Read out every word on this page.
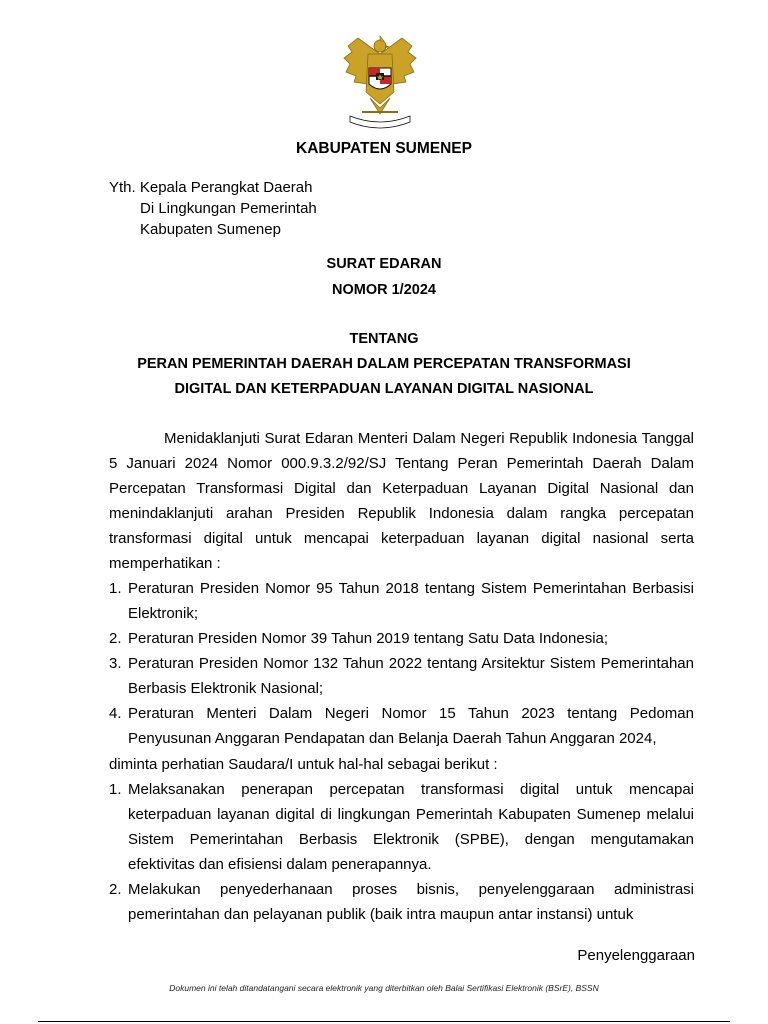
KABUPATEN SUMENEP
Yth. Kepala Perangkat Daerah
Di Lingkungan Pemerintah
Kabupaten Sumenep
SURAT EDARAN
NOMOR 1/2024
TENTANG
PERAN PEMERINTAH DAERAH DALAM PERCEPATAN TRANSFORMASI
DIGITAL DAN KETERPADUAN LAYANAN DIGITAL NASIONAL
Menidaklanjuti Surat Edaran Menteri Dalam Negeri Republik Indonesia Tanggal 5 Januari 2024 Nomor 000.9.3.2/92/SJ Tentang Peran Pemerintah Daerah Dalam Percepatan Transformasi Digital dan Keterpaduan Layanan Digital Nasional dan menindaklanjuti arahan Presiden Republik Indonesia dalam rangka percepatan transformasi digital untuk mencapai keterpaduan layanan digital nasional serta memperhatikan :
1. Peraturan Presiden Nomor 95 Tahun 2018 tentang Sistem Pemerintahan Berbasisi Elektronik;
2. Peraturan Presiden Nomor 39 Tahun 2019 tentang Satu Data Indonesia;
3. Peraturan Presiden Nomor 132 Tahun 2022 tentang Arsitektur Sistem Pemerintahan Berbasis Elektronik Nasional;
4. Peraturan Menteri Dalam Negeri Nomor 15 Tahun 2023 tentang Pedoman Penyusunan Anggaran Pendapatan dan Belanja Daerah Tahun Anggaran 2024,
diminta perhatian Saudara/I untuk hal-hal sebagai berikut :
1. Melaksanakan penerapan percepatan transformasi digital untuk mencapai keterpaduan layanan digital di lingkungan Pemerintah Kabupaten Sumenep melalui Sistem Pemerintahan Berbasis Elektronik (SPBE), dengan mengutamakan efektivitas dan efisiensi dalam penerapannya.
2. Melakukan penyederhanaan proses bisnis, penyelenggaraan administrasi pemerintahan dan pelayanan publik (baik intra maupun antar instansi) untuk
Penyelenggaraan
Dokumen ini telah ditandatangani secara elektronik yang diterbitkan oleh Balai Sertifikasi Elektronik (BSrE), BSSN
